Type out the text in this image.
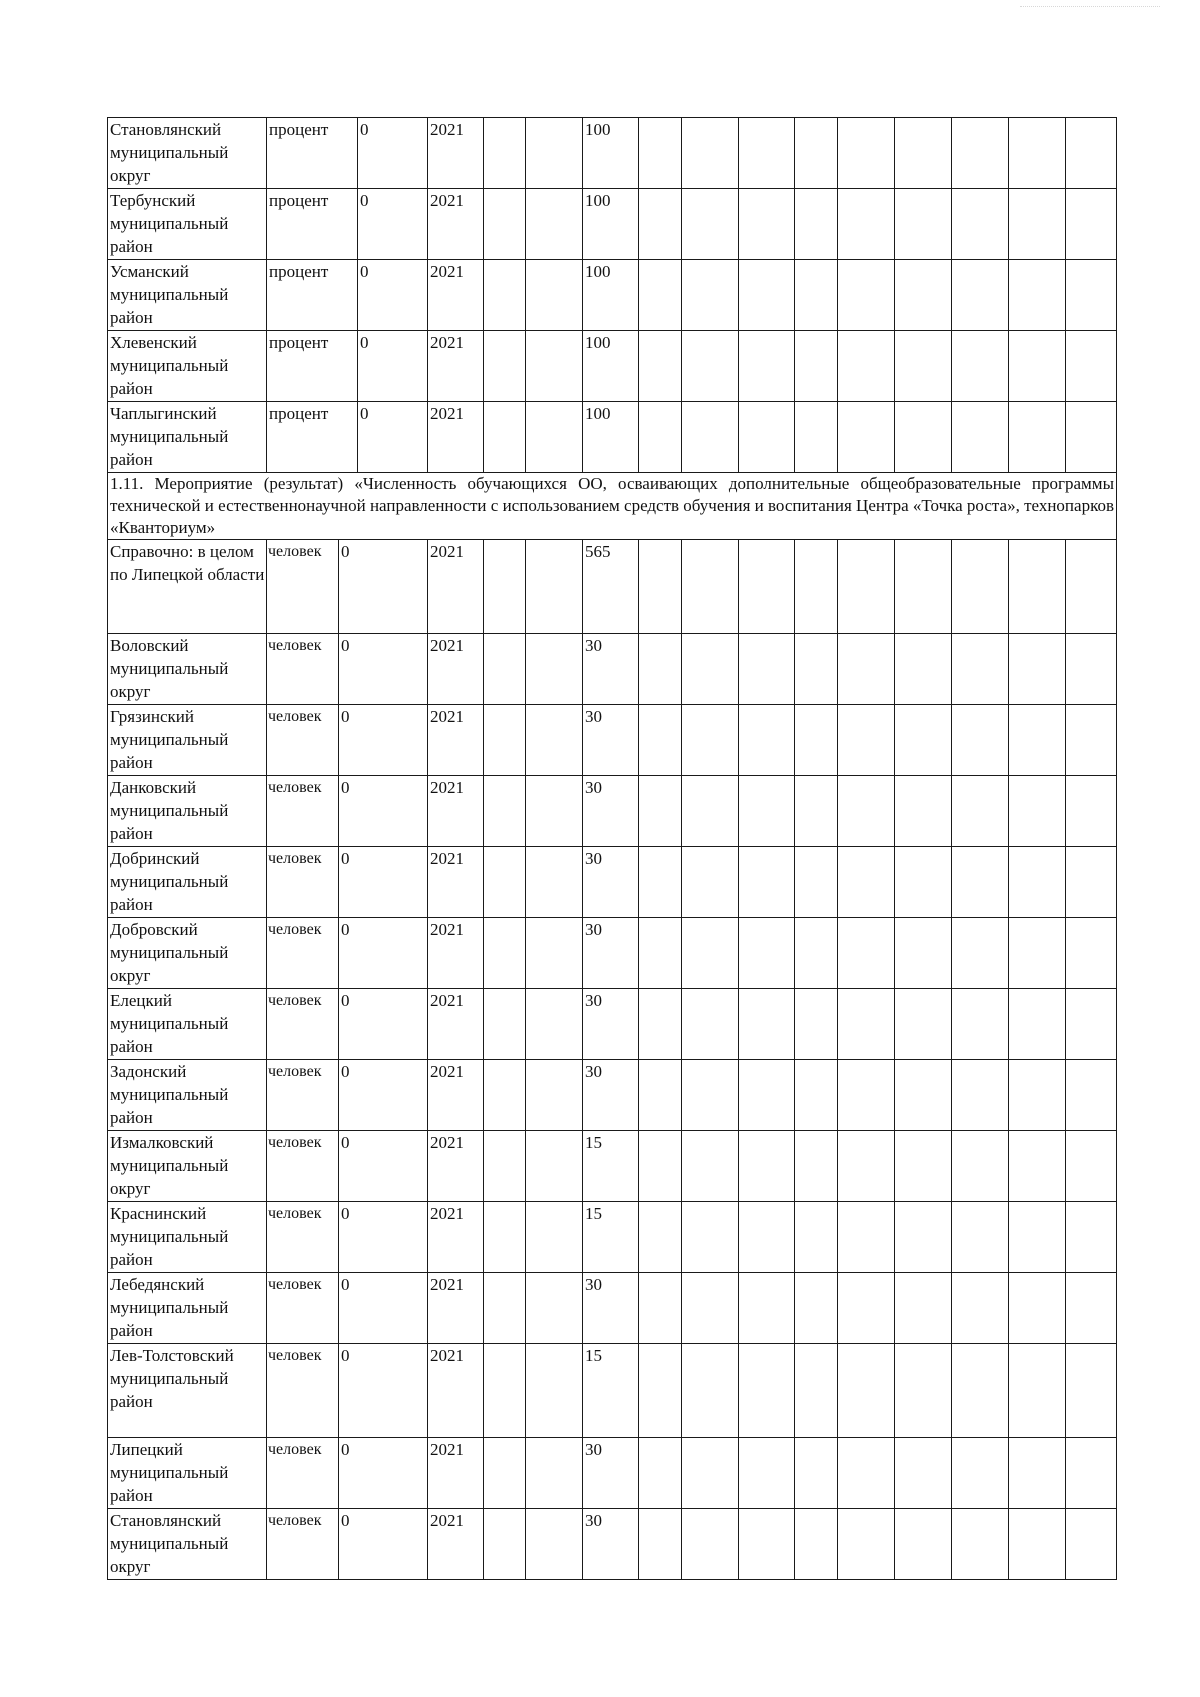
Становлянский муниципальный округ	процент		0	2021			100										
Тербунский муниципальный район	процент		0	2021			100										
Усманский муниципальный район	процент		0	2021			100										
Хлевенский муниципальный район	процент		0	2021			100										
Чаплыгинский муниципальный район	процент		0	2021			100										
1.11. Мероприятие (результат) «Численность обучающихся ОО, осваивающих дополнительные общеобразовательные программы технической и естественнонаучной направленности с использованием средств обучения и воспитания Центра «Точка роста», технопарков «Кванториум»																	
Справочно: в целом по Липецкой области	человек	0		2021			565										
Воловский муниципальный округ	человек	0		2021			30										
Грязинский муниципальный район	человек	0		2021			30										
Данковский муниципальный район	человек	0		2021			30										
Добринский муниципальный район	человек	0		2021			30										
Добровский муниципальный округ	человек	0		2021			30										
Елецкий муниципальный район	человек	0		2021			30										
Задонский муниципальный район	человек	0		2021			30										
Измалковский муниципальный округ	человек	0		2021			15										
Краснинский муниципальный район	человек	0		2021			15										
Лебедянский муниципальный район	человек	0		2021			30										
Лев-Толстовский муниципальный район	человек	0		2021			15										
Липецкий муниципальный район	человек	0		2021			30										
Становлянский муниципальный округ	человек	0		2021			30										
